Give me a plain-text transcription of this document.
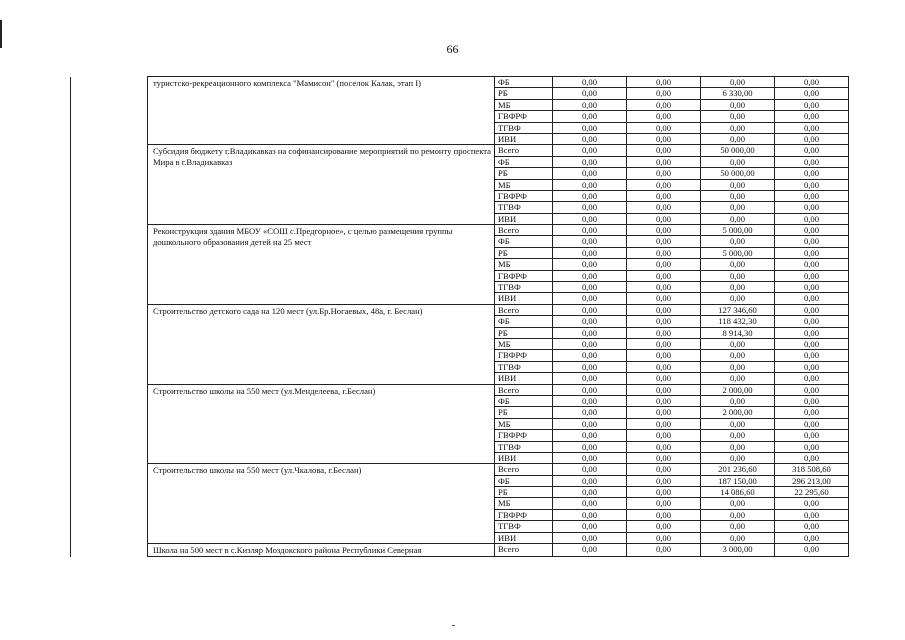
66
	туристско-рекреационного комплекса "Мамисон" (поселок Калак, этап I)	ФБ	0,00	0,00	0,00	0,00
		РБ	0,00	0,00	6 330,00	0,00
		МБ	0,00	0,00	0,00	0,00
		ГВФРФ	0,00	0,00	0,00	0,00
		ТГВФ	0,00	0,00	0,00	0,00
		ИВИ	0,00	0,00	0,00	0,00
	Субсидия бюджету г.Владикавказ на софинансирование мероприятий по ремонту проспекта Мира в г.Владикавказ	Всего	0,00	0,00	50 000,00	0,00
		ФБ	0,00	0,00	0,00	0,00
		РБ	0,00	0,00	50 000,00	0,00
		МБ	0,00	0,00	0,00	0,00
		ГВФРФ	0,00	0,00	0,00	0,00
		ТГВФ	0,00	0,00	0,00	0,00
		ИВИ	0,00	0,00	0,00	0,00
	Реконструкция здания МБОУ «СОШ с.Предгорное», с целью размещения группы дошкольного образования детей на 25 мест	Всего	0,00	0,00	5 000,00	0,00
		ФБ	0,00	0,00	0,00	0,00
		РБ	0,00	0,00	5 000,00	0,00
		МБ	0,00	0,00	0,00	0,00
		ГВФРФ	0,00	0,00	0,00	0,00
		ТГВФ	0,00	0,00	0,00	0,00
		ИВИ	0,00	0,00	0,00	0,00
	Строительство детского сада на 120 мест (ул.Бр.Ногаевых, 48а, г. Беслан)	Всего	0,00	0,00	127 346,60	0,00
		ФБ	0,00	0,00	118 432,30	0,00
		РБ	0,00	0,00	8 914,30	0,00
		МБ	0,00	0,00	0,00	0,00
		ГВФРФ	0,00	0,00	0,00	0,00
		ТГВФ	0,00	0,00	0,00	0,00
		ИВИ	0,00	0,00	0,00	0,00
	Строительство школы на 550 мест (ул.Менделеева, г.Беслан)	Всего	0,00	0,00	2 000,00	0,00
		ФБ	0,00	0,00	0,00	0,00
		РБ	0,00	0,00	2 000,00	0,00
		МБ	0,00	0,00	0,00	0,00
		ГВФРФ	0,00	0,00	0,00	0,00
		ТГВФ	0,00	0,00	0,00	0,00
		ИВИ	0,00	0,00	0,00	0,00
	Строительство школы на 550 мест (ул.Чкалова, г.Беслан)	Всего	0,00	0,00	201 236,60	318 508,60
		ФБ	0,00	0,00	187 150,00	296 213,00
		РБ	0,00	0,00	14 086,60	22 295,60
		МБ	0,00	0,00	0,00	0,00
		ГВФРФ	0,00	0,00	0,00	0,00
		ТГВФ	0,00	0,00	0,00	0,00
		ИВИ	0,00	0,00	0,00	0,00
	Школа на 500 мест в с.Кизляр Моздокского района Республики Северная	Всего	0,00	0,00	3 000,00	0,00
